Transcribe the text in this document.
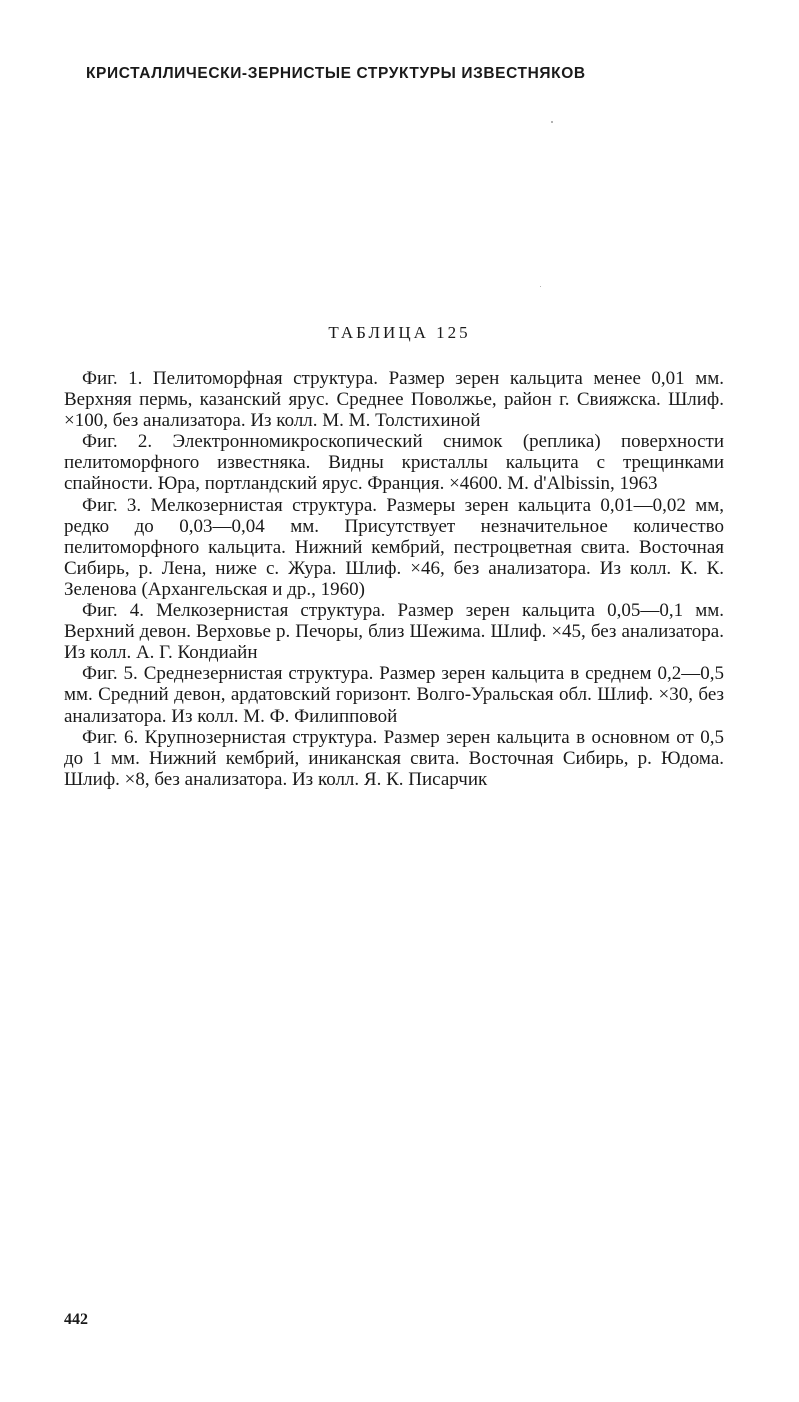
КРИСТАЛЛИЧЕСКИ-ЗЕРНИСТЫЕ СТРУКТУРЫ ИЗВЕСТНЯКОВ
ТАБЛИЦА 125

Фиг. 1. Пелитоморфная структура. Размер зерен кальцита менее 0,01 мм. Верхняя пермь, казанский ярус. Среднее Поволжье, район г. Свияжска. Шлиф. ×100, без анализатора. Из колл. М. М. Толстихиной

Фиг. 2. Электронномикроскопический снимок (реплика) поверхности пелитоморфного известняка. Видны кристаллы кальцита с трещинками спайности. Юра, портландский ярус. Франция. ×4600. M. d'Albissin, 1963

Фиг. 3. Мелкозернистая структура. Размеры зерен кальцита 0,01—0,02 мм, редко до 0,03—0,04 мм. Присутствует незначительное количество пелитоморфного кальцита. Нижний кембрий, пестроцветная свита. Восточная Сибирь, р. Лена, ниже с. Жура. Шлиф. ×46, без анализатора. Из колл. К. К. Зеленова (Архангельская и др., 1960)

Фиг. 4. Мелкозернистая структура. Размер зерен кальцита 0,05—0,1 мм. Верхний девон. Верховье р. Печоры, близ Шежима. Шлиф. ×45, без анализатора. Из колл. А. Г. Кондиайн

Фиг. 5. Среднезернистая структура. Размер зерен кальцита в среднем 0,2—0,5 мм. Средний девон, ардатовский горизонт. Волго-Уральская обл. Шлиф. ×30, без анализатора. Из колл. М. Ф. Филипповой

Фиг. 6. Крупнозернистая структура. Размер зерен кальцита в основном от 0,5 до 1 мм. Нижний кембрий, иниканская свита. Восточная Сибирь, р. Юдома. Шлиф. ×8, без анализатора. Из колл. Я. К. Писарчик

442
